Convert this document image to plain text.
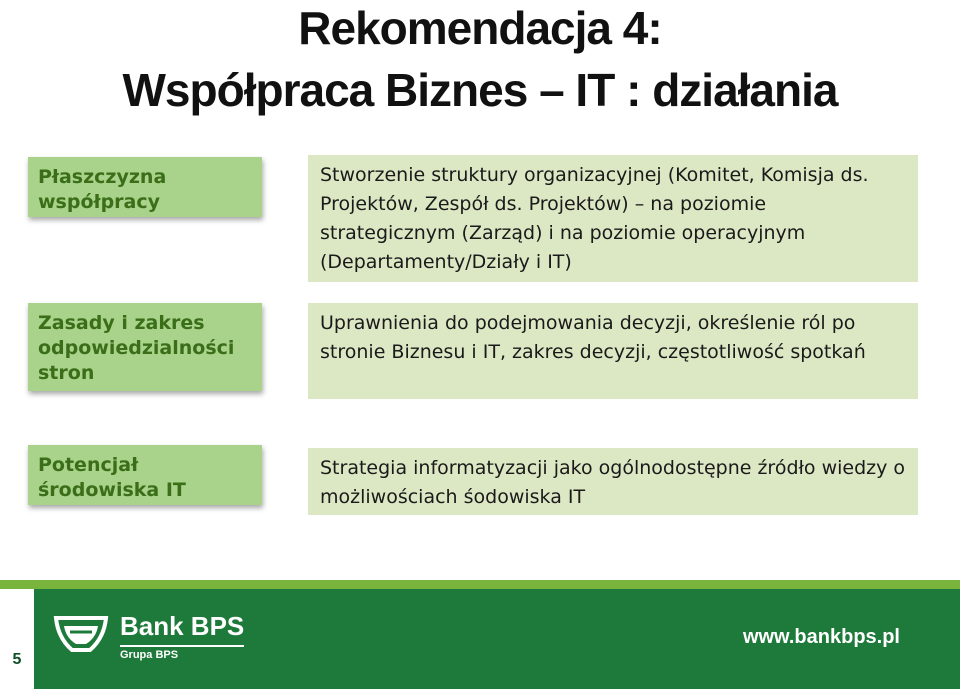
Rekomendacja 4:
Współpraca Biznes – IT : działania
Płaszczyzna współpracy
Stworzenie struktury organizacyjnej (Komitet, Komisja ds. Projektów, Zespół ds. Projektów) – na poziomie strategicznym (Zarząd) i na poziomie operacyjnym (Departamenty/Działy i IT)
Zasady i zakres odpowiedzialności stron
Uprawnienia do podejmowania decyzji, określenie ról po stronie Biznesu i IT, zakres decyzji, częstotliwość spotkań
Potencjał środowiska IT
Strategia informatyzacji jako ogólnodostępne źródło wiedzy o możliwościach śodowiska IT
5
Bank BPS
Grupa BPS
www.bankbps.pl
